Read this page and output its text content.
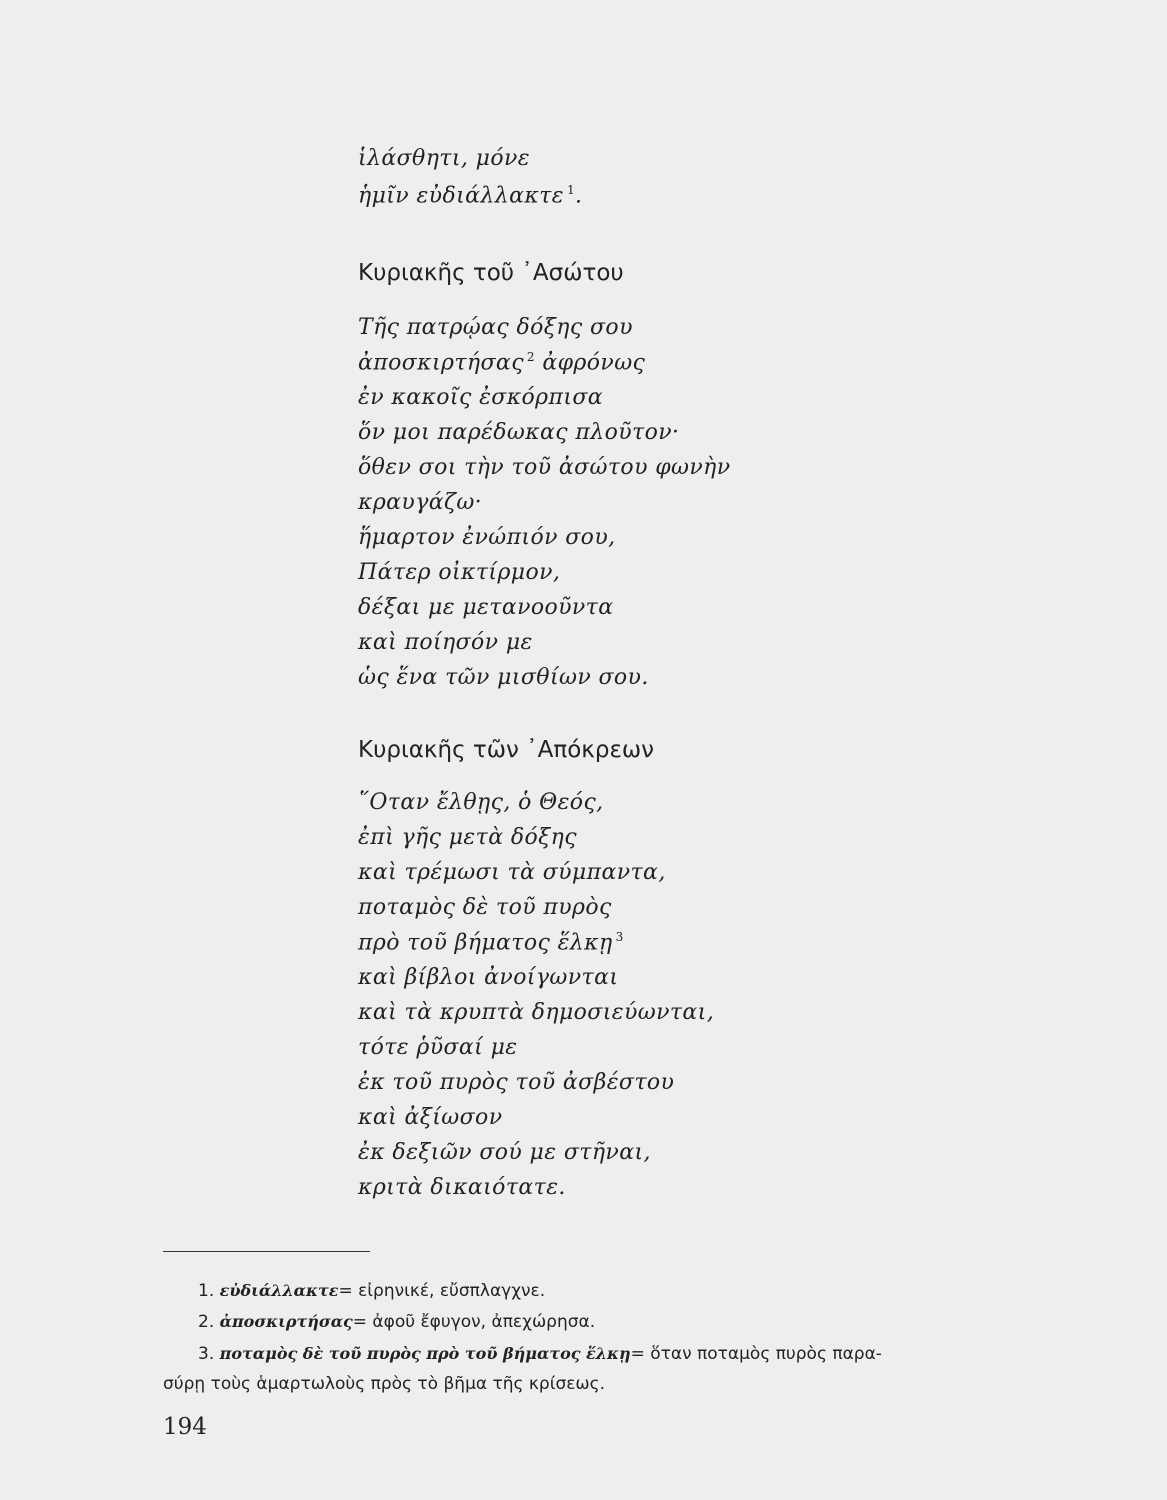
ἱλάσθητι, μόνε
ἡμῖν εὐδιάλλακτε $^1$.
Κυριακῆς τοῦ ᾿Ασώτου
Τῆς πατρῴας δόξης σου
ἀποσκιρτήσας $^2$ ἀφρόνως
ἐν κακοῖς ἐσκόρπισα
ὅν μοι παρέδωκας πλοῦτον·
ὅθεν σοι τὴν τοῦ ἀσώτου φωνὴν
κραυγάζω·
ἥμαρτον ἐνώπιόν σου,
Πάτερ οἰκτίρμον,
δέξαι με μετανοοῦντα
καὶ ποίησόν με
ὡς ἕνα τῶν μισθίων σου.
Κυριακῆς τῶν ᾿Απόκρεων
῞Οταν ἔλθῃς, ὁ Θεός,
ἐπὶ γῆς μετὰ δόξης
καὶ τρέμωσι τὰ σύμπαντα,
ποταμὸς δὲ τοῦ πυρὸς
πρὸ τοῦ βήματος ἕλκῃ $^3$
καὶ βίβλοι ἀνοίγωνται
καὶ τὰ κρυπτὰ δημοσιεύωνται,
τότε ῥῦσαί με
ἐκ τοῦ πυρὸς τοῦ ἀσβέστου
καὶ ἀξίωσον
ἐκ δεξιῶν σού με στῆναι,
κριτὰ δικαιότατε.
1. εὐδιάλλακτε= εἰρηνικέ, εὔσπλαγχνε.
2. ἀποσκιρτήσας= ἀφοῦ ἔφυγον, ἀπεχώρησα.
3. ποταμὸς δὲ τοῦ πυρὸς πρὸ τοῦ βήματος ἕλκῃ= ὅταν ποταμὸς πυρὸς παρα-
σύρῃ τοὺς ἁμαρτωλοὺς πρὸς τὸ βῆμα τῆς κρίσεως.
194
